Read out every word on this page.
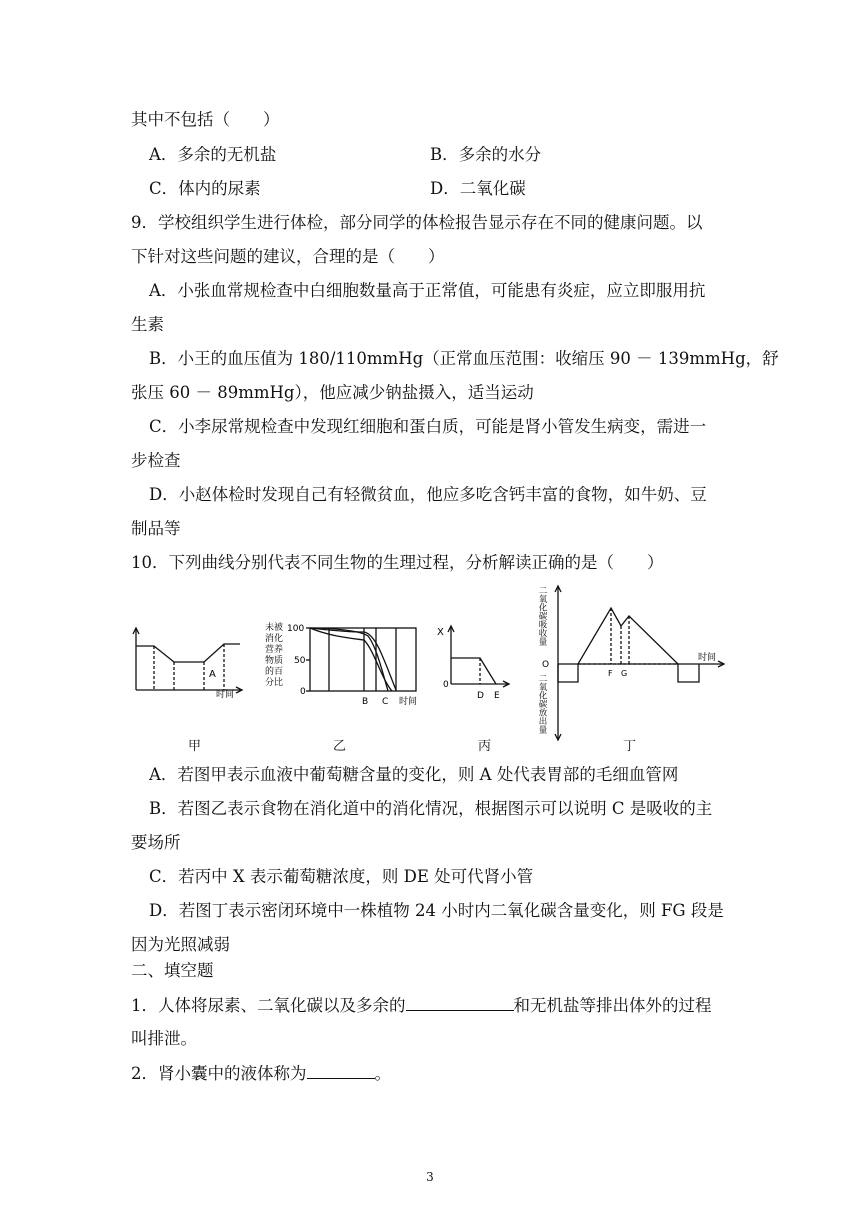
其中不包括（　　）
A．多余的无机盐	B．多余的水分
C．体内的尿素	D．二氧化碳
9．学校组织学生进行体检，部分同学的体检报告显示存在不同的健康问题。以
下针对这些问题的建议，合理的是（　　）
A．小张血常规检查中白细胞数量高于正常值，可能患有炎症，应立即服用抗
生素
B．小王的血压值为 180/110mmHg（正常血压范围：收缩压 90 － 139mmHg，舒
张压 60 － 89mmHg），他应减少钠盐摄入，适当运动
C．小李尿常规检查中发现红细胞和蛋白质，可能是肾小管发生病变，需进一
步检查
D．小赵体检时发现自己有轻微贫血，他应多吃含钙丰富的食物，如牛奶、豆
制品等
10．下列曲线分别代表不同生物的生理过程，分析解读正确的是（　　）
A
时间
未被
消化
营养
物质
的百
分比
100
50
0
B C 时间
X
0
D E
O
时间
F G
二氧化碳吸收量
二氧化碳放出量
甲	乙	丙	丁
A．若图甲表示血液中葡萄糖含量的变化，则 A 处代表胃部的毛细血管网
B．若图乙表示食物在消化道中的消化情况，根据图示可以说明 C 是吸收的主
要场所
C．若丙中 X 表示葡萄糖浓度，则 DE 处可代肾小管
D．若图丁表示密闭环境中一株植物 24 小时内二氧化碳含量变化，则 FG 段是
因为光照减弱
二、填空题
1．人体将尿素、二氧化碳以及多余的	和无机盐等排出体外的过程
叫排泄。
2．肾小囊中的液体称为	。
3
